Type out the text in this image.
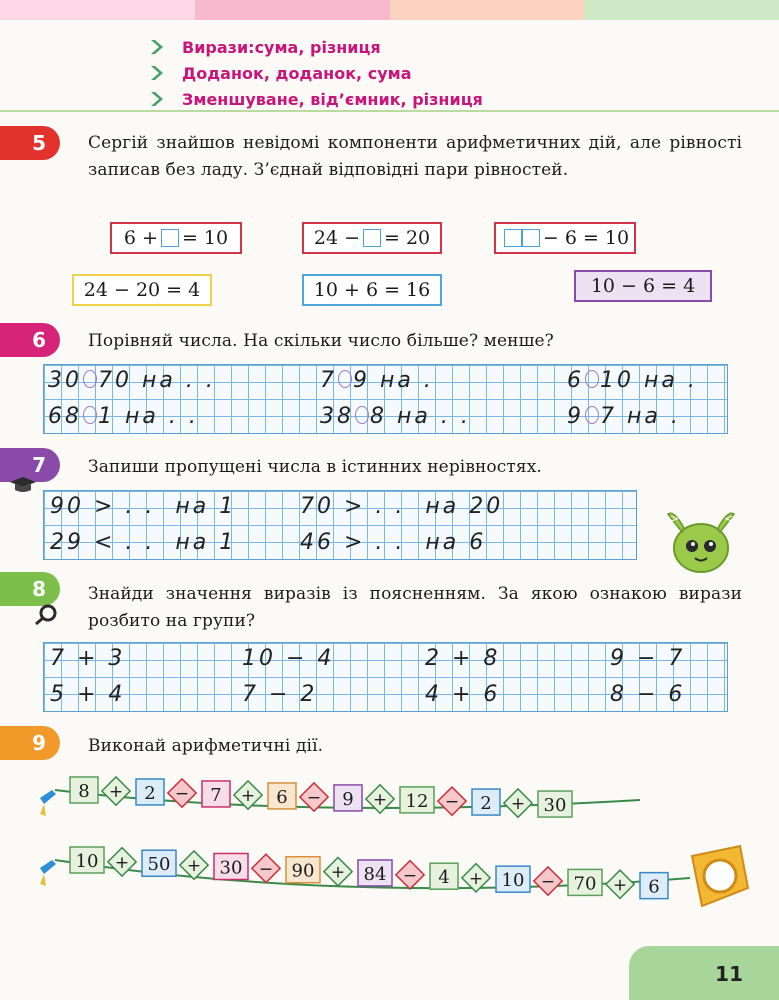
Вирази: сума, різниця
Доданок, доданок, сума
Зменшуване, від’ємник, різниця
5	Сергій знайшов невідомі компоненти арифметичних дій, але рівності записав без ладу. З’єднай відповідні пари рівностей.
6 + = 10	24 − = 20	− 6 = 10
24 − 20 = 4	10 + 6 = 16	10 − 6 = 4
6	Порівняй числа. На скільки число більше? менше?
30 70 на . .	7 9 на .	6 10 на .
68 1 на . .	38 8 на . .	9 7 на .
7	Запиши пропущені числа в істинних нерівностях.
90 > . .  на 1	70 > . .  на 20
29 < . .  на 1	46 > . .  на 6
>	<
8	Знайди значення виразів із поясненням. За якою ознакою вирази розбито на групи?
7 + 3	10 − 4	2 + 8	9 − 7
5 + 4	7 − 2	4 + 6	8 − 6
9	Виконай арифметичні дії.
8 + 2 − 7 + 6 − 9 + 12 − 2 + 30
10 + 50 + 30 − 90 + 84 − 4 + 10 − 70 + 6
11
